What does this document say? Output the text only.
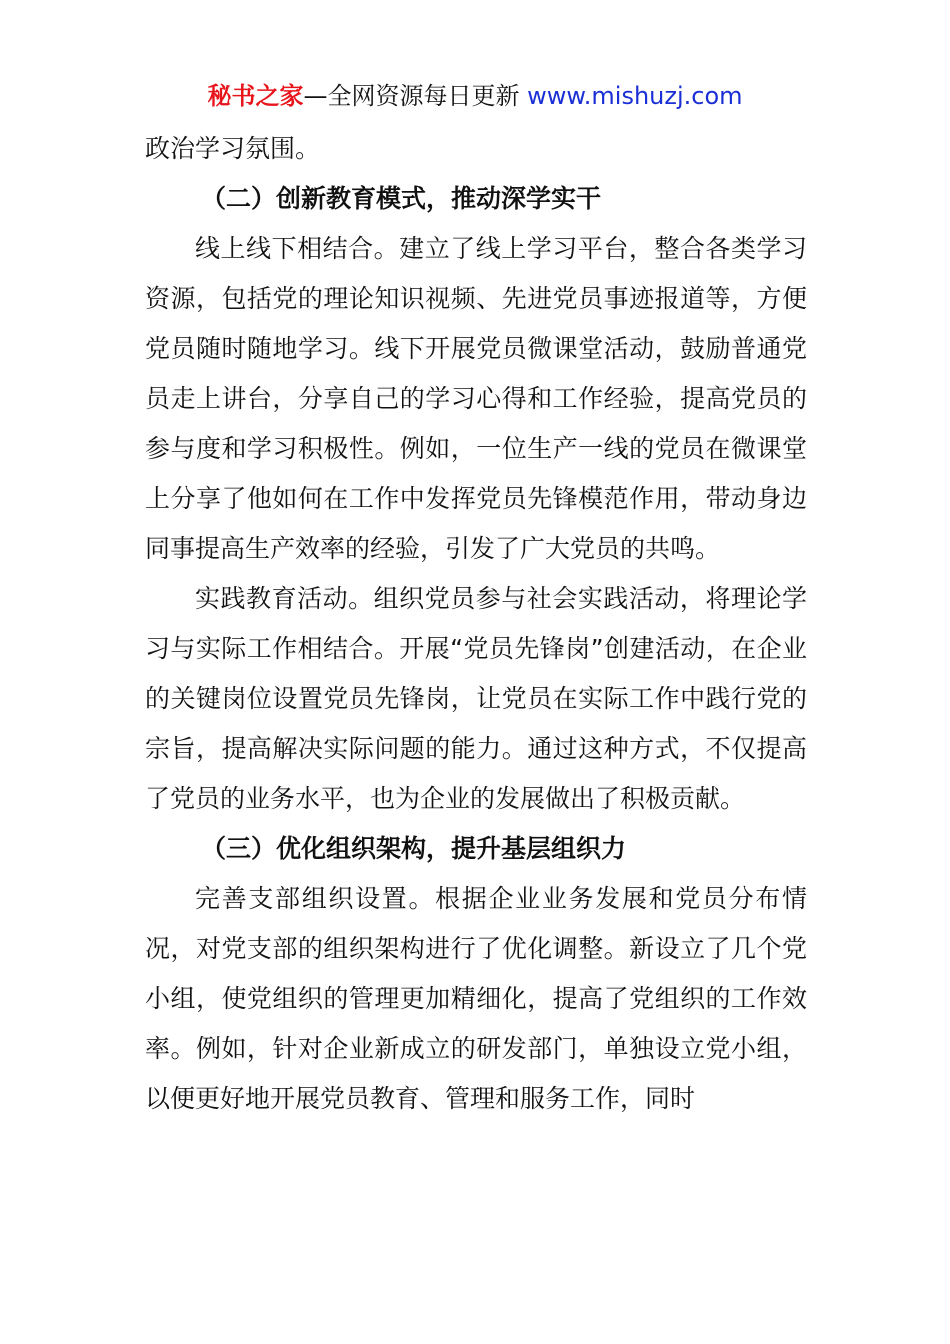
秘书之家—全网资源每日更新 www.mishuzj.com

政治学习氛围。

（二）创新教育模式，推动深学实干

线上线下相结合。建立了线上学习平台，整合各类学习资源，包括党的理论知识视频、先进党员事迹报道等，方便党员随时随地学习。线下开展党员微课堂活动，鼓励普通党员走上讲台，分享自己的学习心得和工作经验，提高党员的参与度和学习积极性。例如，一位生产一线的党员在微课堂上分享了他如何在工作中发挥党员先锋模范作用，带动身边同事提高生产效率的经验，引发了广大党员的共鸣。

实践教育活动。组织党员参与社会实践活动，将理论学习与实际工作相结合。开展“党员先锋岗”创建活动，在企业的关键岗位设置党员先锋岗，让党员在实际工作中践行党的宗旨，提高解决实际问题的能力。通过这种方式，不仅提高了党员的业务水平，也为企业的发展做出了积极贡献。

（三）优化组织架构，提升基层组织力

完善支部组织设置。根据企业业务发展和党员分布情况，对党支部的组织架构进行了优化调整。新设立了几个党小组，使党组织的管理更加精细化，提高了党组织的工作效率。例如，针对企业新成立的研发部门，单独设立党小组，以便更好地开展党员教育、管理和服务工作，同时
